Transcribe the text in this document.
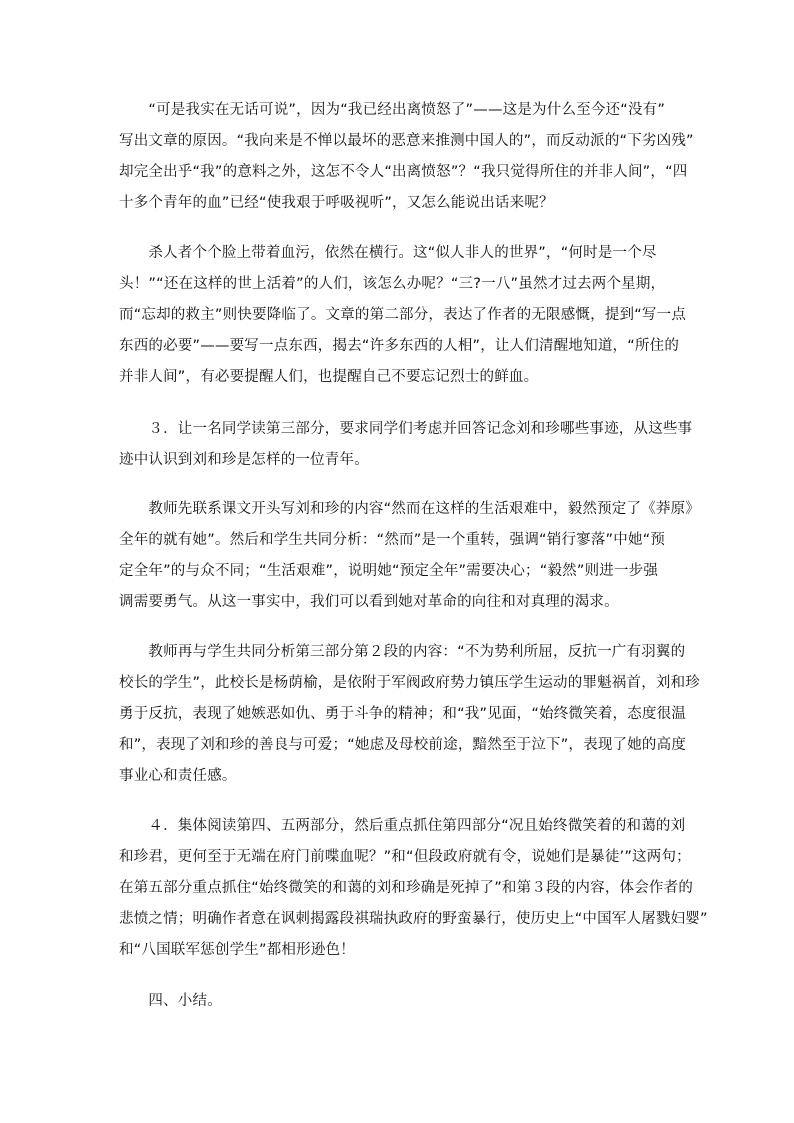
　　“可是我实在无话可说”，因为“我已经出离愤怒了”——这是为什么至今还“没有”
写出文章的原因。“我向来是不惮以最坏的恶意来推测中国人的”，而反动派的“下劣凶残”
却完全出乎“我”的意料之外，这怎不令人“出离愤怒”？“我只觉得所住的并非人间”，“四
十多个青年的血”已经“使我艰于呼吸视听”，又怎么能说出话来呢？
　　杀人者个个脸上带着血污，依然在横行。这“似人非人的世界”，“何时是一个尽
头！”“还在这样的世上活着”的人们，该怎么办呢？“三?一八”虽然才过去两个星期，
而“忘却的救主”则快要降临了。文章的第二部分，表达了作者的无限感慨，提到“写一点
东西的必要”——要写一点东西，揭去“许多东西的人相”，让人们清醒地知道，“所住的
并非人间”，有必要提醒人们，也提醒自己不要忘记烈士的鲜血。
　　３．让一名同学读第三部分，要求同学们考虑并回答记念刘和珍哪些事迹，从这些事
迹中认识到刘和珍是怎样的一位青年。
　　教师先联系课文开头写刘和珍的内容“然而在这样的生活艰难中，毅然预定了《莽原》
全年的就有她”。然后和学生共同分析：“然而”是一个重转，强调“销行寥落”中她“预
定全年”的与众不同；“生活艰难”，说明她“预定全年”需要决心；“毅然”则进一步强
调需要勇气。从这一事实中，我们可以看到她对革命的向往和对真理的渴求。
　　教师再与学生共同分析第三部分第２段的内容：“不为势利所屈，反抗一广有羽翼的
校长的学生”，此校长是杨荫榆，是依附于军阀政府势力镇压学生运动的罪魁祸首，刘和珍
勇于反抗，表现了她嫉恶如仇、勇于斗争的精神；和“我”见面，“始终微笑着，态度很温
和”，表现了刘和珍的善良与可爱；“她虑及母校前途，黯然至于泣下”，表现了她的高度
事业心和责任感。
　　４．集体阅读第四、五两部分，然后重点抓住第四部分“况且始终微笑着的和蔼的刘
和珍君，更何至于无端在府门前喋血呢？”和“但段政府就有令，说她们是暴徒’”这两句；
在第五部分重点抓住“始终微笑的和蔼的刘和珍确是死掉了”和第３段的内容，体会作者的
悲愤之情；明确作者意在讽刺揭露段祺瑞执政府的野蛮暴行，使历史上“中国军人屠戮妇婴”
和“八国联军惩创学生”都相形逊色！
　　四、小结。
